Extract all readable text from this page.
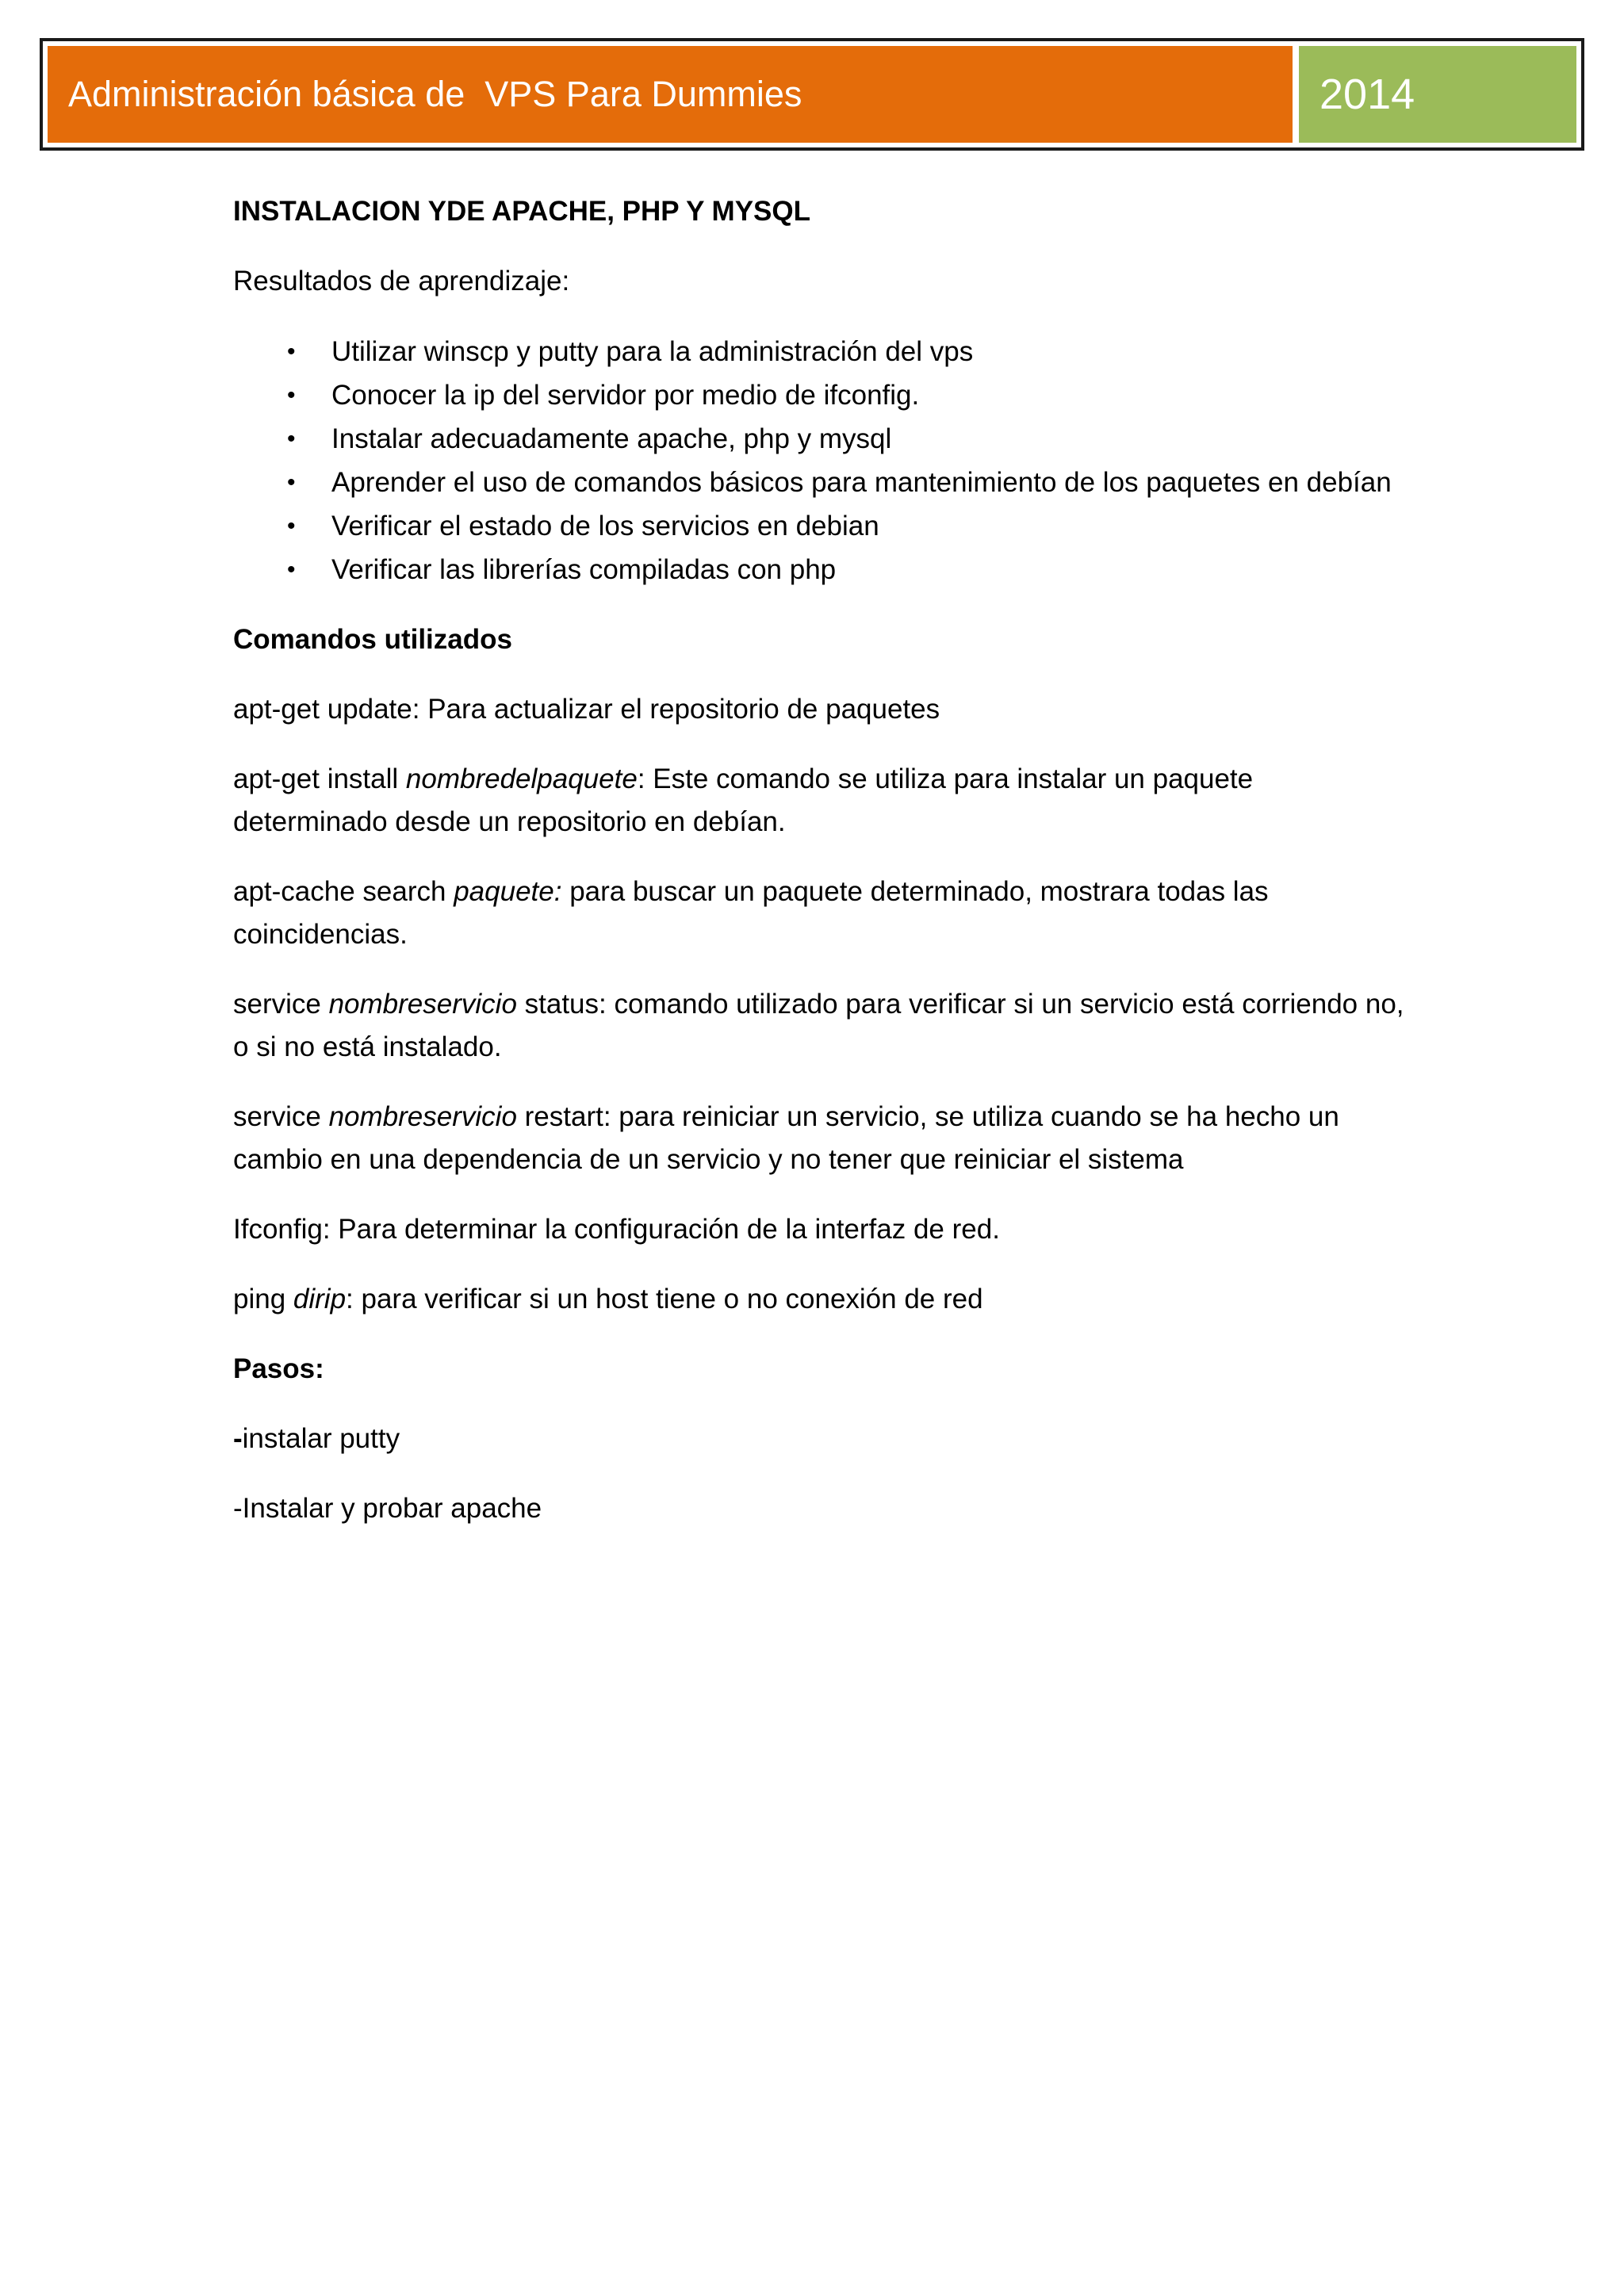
Administración básica de  VPS Para Dummies	2014

INSTALACION YDE APACHE, PHP Y MYSQL

Resultados de aprendizaje:

• Utilizar winscp y putty para la administración del vps
• Conocer la ip del servidor por medio de ifconfig.
• Instalar adecuadamente apache, php y mysql
• Aprender el uso de comandos básicos para mantenimiento de los paquetes en debían
• Verificar el estado de los servicios en debian
• Verificar las librerías compiladas con php

Comandos utilizados

apt-get update: Para actualizar el repositorio de paquetes

apt-get install nombredelpaquete: Este comando se utiliza para instalar un paquete determinado desde un repositorio en debían.

apt-cache search paquete: para buscar un paquete determinado, mostrara todas las coincidencias.

service nombreservicio status: comando utilizado para verificar si un servicio está corriendo no, o si no está instalado.

service nombreservicio restart: para reiniciar un servicio, se utiliza cuando se ha hecho un cambio en una dependencia de un servicio y no tener que reiniciar el sistema

Ifconfig: Para determinar la configuración de la interfaz de red.

ping dirip: para verificar si un host tiene o no conexión de red

Pasos:

-instalar putty

-Instalar y probar apache
